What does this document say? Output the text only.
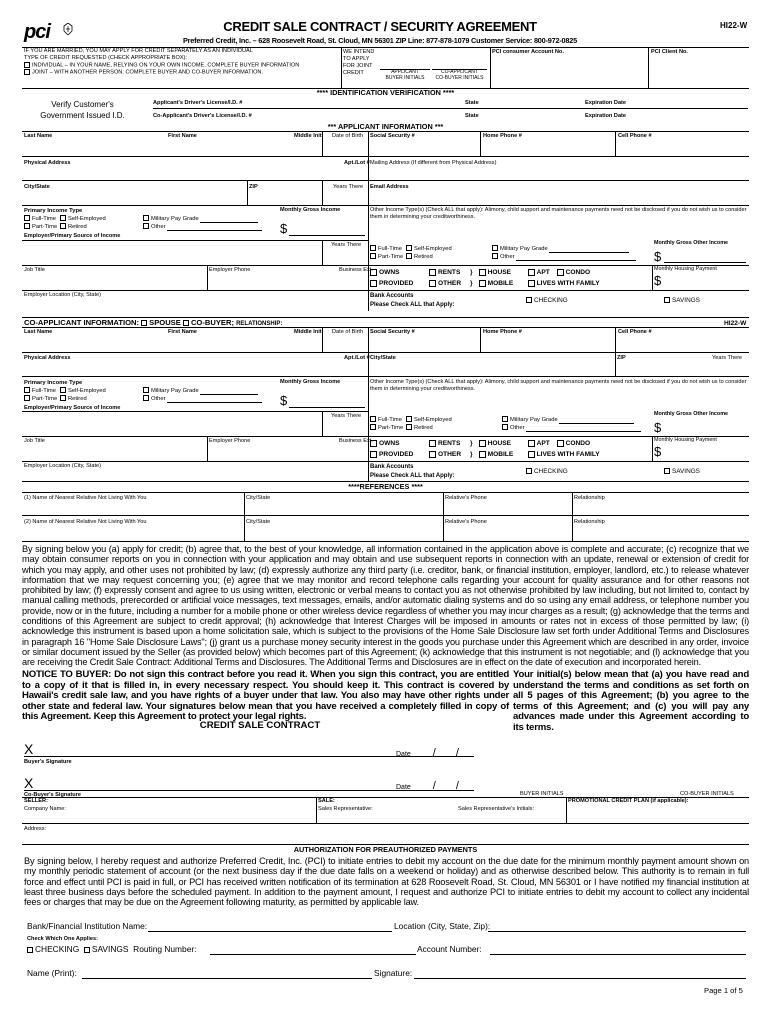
pci	CREDIT SALE CONTRACT / SECURITY AGREEMENT	HI22-W
Preferred Credit, Inc. – 628 Roosevelt Road, St. Cloud, MN 56301 ZIP Line: 877-878-1079 Customer Service: 800-972-0825
IF YOU ARE MARRIED, YOU MAY APPLY FOR CREDIT SEPARATELY AS AN INDIVIDUAL
TYPE OF CREDIT REQUESTED (CHECK APPROPRIATE BOX):
INDIVIDUAL – IN YOUR NAME, RELYING ON YOUR OWN INCOME. COMPLETE BUYER INFORMATION
JOINT – WITH ANOTHER PERSON. COMPLETE BUYER AND CO-BUYER INFORMATION.
WE INTEND TO APPLY FOR JOINT CREDIT	APPLICANT
BUYER INITIALS
CO-APPLICANT
CO-BUYER INITIALS
PCI consumer Account No.	PCI Client No.
**** IDENTIFICATION VERIFICATION ****
Verify Customer's
Government Issued I.D.
Applicant's Driver's License/I.D. #	State	Expiration Date
Co-Applicant's Driver's License/I.D. #	State	Expiration Date
*** APPLICANT INFORMATION ***
Last Name	First Name	Middle Init. Date of Birth Social Security #	Home Phone #	Cell Phone #
Physical Address	Apt./Lot # Mailing Address (If different from Physical Address)
City/State	ZIP	Years There Email Address
Primary Income Type
Full-Time Self-Employed
Part-Time Retired
Military Pay Grade
Other
Monthly Gross Income
$
Other Income Type(s) (Check ALL that apply): Alimony, child support and maintenance payments need not be disclosed if you do not wish us to consider them in determining your creditworthiness.
Employer/Primary Source of Income
Years There
Full-Time Self-Employed
Part-Time Retired
Military Pay Grade
Other
Monthly Gross Other Income
$
Job Title	Employer Phone	Business Ext. OWNS	RENTS } HOUSE	APT CONDO
PROVIDED	OTHER } MOBILE	LIVES WITH FAMILY
Monthly Housing Payment
$
Employer Location (City, State)	Bank Accounts
Please Check ALL that Apply:
CHECKING	SAVINGS
CO-APPLICANT INFORMATION: SPOUSE CO-BUYER; RELATIONSHIP:	HI22-W
Last Name	First Name	Middle Init. Date of Birth Social Security #	Home Phone #	Cell Phone #
Physical Address	Apt./Lot # City/State	ZIP	Years There
Primary Income Type
Full-Time Self-Employed
Part-Time Retired
Military Pay Grade
Other
Monthly Gross Income
$
Other Income Type(s) (Check ALL that apply): Alimony, child support and maintenance payments need not be disclosed if you do not wish us to consider them in determining your creditworthiness.
Employer/Primary Source of Income
Years There
Full-Time Self-Employed
Part-Time Retired
Military Pay Grade
Other
Monthly Gross Other Income
$
Job Title	Employer Phone	Business Ext. OWNS	RENTS } HOUSE	APT CONDO
PROVIDED	OTHER } MOBILE	LIVES WITH FAMILY
Monthly Housing Payment
$
Employer Location (City, State)	Bank Accounts
Please Check ALL that Apply:
CHECKING	SAVINGS
****REFERENCES ****
(1) Name of Nearest Relative Not Living With You	City/State	Relative's Phone	Relationship
(2) Name of Nearest Relative Not Living With You	City/State	Relative's Phone	Relationship
By signing below you (a) apply for credit; (b) agree that, to the best of your knowledge, all information contained in the application above is complete and accurate; (c) recognize that we may obtain consumer reports on you in connection with your application and may obtain and use subsequent reports in connection with an update, renewal or extension of credit for which you may apply, and other uses not prohibited by law; (d) expressly authorize any third party (i.e. creditor, bank, or financial institution, employer, landlord, etc.) to release whatever information that we may request concerning you; (e) agree that we may monitor and record telephone calls regarding your account for quality assurance and for other reasons not prohibited by law; (f) expressly consent and agree to us using written, electronic or verbal means to contact you as not otherwise prohibited by law including, but not limited to, contact by manual calling methods, prerecorded or artificial voice messages, text messages, emails, and/or automatic dialing systems and do so using any email address, or telephone number you provide, now or in the future, including a number for a mobile phone or other wireless device regardless of whether you may incur charges as a result; (g) acknowledge that the terms and conditions of this Agreement are subject to credit approval; (h) acknowledge that Interest Charges will be imposed in amounts or rates not in excess of those permitted by law; (i) acknowledge this instrument is based upon a home solicitation sale, which is subject to the provisions of the Home Sale Disclosure law set forth under Additional Terms and Disclosures in paragraph 16 "Home Sale Disclosure Laws"; (j) grant us a purchase money security interest in the goods you purchase under this Agreement which are described in any order, invoice or similar document issued by the Seller (as provided below) which becomes part of this Agreement; (k) acknowledge that this instrument is not negotiable; and (l) acknowledge that you are receiving the Credit Sale Contract: Additional Terms and Disclosures. The Additional Terms and Disclosures are in effect on the date of execution and incorporated herein.
NOTICE TO BUYER: Do not sign this contract before you read it. When you sign this contract, you are entitled to a copy of it that is filled in, in every necessary respect. You should keep it. This contract is covered by Hawaii's credit sale law, and you have rights of a buyer under that law. You also may have other rights under other state and federal law. Your signatures below mean that you have received a completely filled in copy of this Agreement. Keep this Agreement to protect your legal rights.
Your initial(s) below mean that (a) you have read and understand the terms and conditions as set forth on all 5 pages of this Agreement; (b) you agree to the terms of this Agreement; and (c) you will pay any advances made under this Agreement according to its terms.
CREDIT SALE CONTRACT
X	Date / /
Buyer's Signature
X	Date / /
Co-Buyer's Signature	BUYER INITIALS	CO-BUYER INITIALS
SELLER:
Company Name:
SALE:
Sales Representative:	Sales Representative's Initials:
PROMOTIONAL CREDIT PLAN (if applicable):
Address:
AUTHORIZATION FOR PREAUTHORIZED PAYMENTS
By signing below, I hereby request and authorize Preferred Credit, Inc. (PCI) to initiate entries to debit my account on the due date for the minimum monthly payment amount shown on my monthly periodic statement of account (or the next business day if the due date falls on a weekend or holiday) and as otherwise described below. This authority is to remain in full force and effect until PCI is paid in full, or PCI has received written notification of its termination at 628 Roosevelt Road, St. Cloud, MN 56301 or I have notified my financial institution at least three business days before the scheduled payment. In addition to the payment amount, I request and authorize PCI to initiate entries to debit my account to collect any incidental fees or charges that may be due on the Agreement following maturity, as permitted by applicable law.
Bank/Financial Institution Name:	Location (City, State, Zip):
Check Which One Applies:
CHECKING SAVINGS Routing Number:	Account Number:
Name (Print):	Signature:
Page 1 of 5
